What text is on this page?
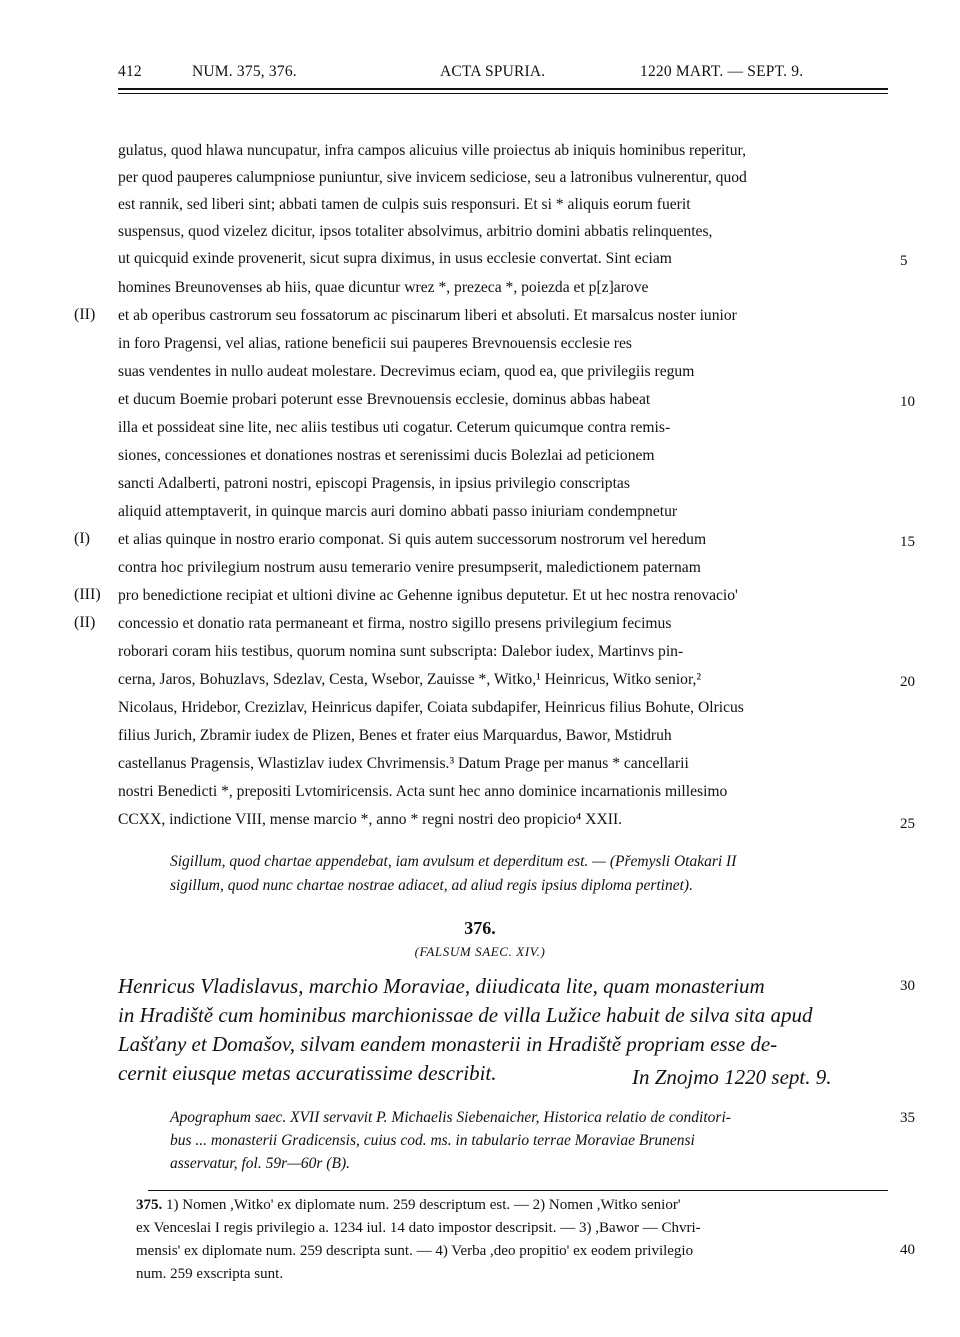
412	NUM. 375, 376.	ACTA SPURIA.	1220 MART. — SEPT. 9.
gulatus, quod hlawa nuncupatur, infra campos alicuius ville proiectus ab iniquis hominibus reperitur,
per quod pauperes calumpniose puniuntur, sive invicem sediciose, seu a latronibus vulnerentur, quod
est rannik, sed liberi sint; abbati tamen de culpis suis responsuri. Et si * aliquis eorum fuerit
suspensus, quod vizelez dicitur, ipsos totaliter absolvimus, arbitrio domini abbatis relinquentes,
ut quicquid exinde provenerit, sicut supra diximus, in usus ecclesie convertat. Sint eciam
homines Breunovenses ab hiis, quae dicuntur wrez *, prezeca *, poiezda et p[z]arove
et ab operibus castrorum seu fossatorum ac piscinarum liberi et absoluti. Et marsalcus noster iunior
in foro Pragensi, vel alias, ratione beneficii sui pauperes Brevnouensis ecclesie res
suas vendentes in nullo audeat molestare. Decrevimus eciam, quod ea, que privilegiis regum
et ducum Boemie probari poterunt esse Brevnouensis ecclesie, dominus abbas habeat
illa et possideat sine lite, nec aliis testibus uti cogatur. Ceterum quicumque contra remis-
siones, concessiones et donationes nostras et serenissimi ducis Bolezlai ad peticionem
sancti Adalberti, patroni nostri, episcopi Pragensis, in ipsius privilegio conscriptas
aliquid attemptaverit, in quinque marcis auri domino abbati passo iniuriam condempnetur
et alias quinque in nostro erario componat. Si quis autem successorum nostrorum vel heredum
contra hoc privilegium nostrum ausu temerario venire presumpserit, maledictionem paternam
pro benedictione recipiat et ultioni divine ac Gehenne ignibus deputetur. Et ut hec nostra renovacio'
concessio et donatio rata permaneant et firma, nostro sigillo presens privilegium fecimus
roborari coram hiis testibus, quorum nomina sunt subscripta: Dalebor iudex, Martinvs pin-
cerna, Jaros, Bohuzlavs, Sdezlav, Cesta, Wsebor, Zauisse *, Witko,¹ Heinricus, Witko senior,²
Nicolaus, Hridebor, Crezizlav, Heinricus dapifer, Coiata subdapifer, Heinricus filius Bohute, Olricus
filius Jurich, Zbramir iudex de Plizen, Benes et frater eius Marquardus, Bawor, Mstidruh
castellanus Pragensis, Wlastizlav iudex Chvrimensis.³ Datum Prage per manus * cancellarii
nostri Benedicti *, prepositi Lvtomiricensis. Acta sunt hec anno dominice incarnationis millesimo
CCXX, indictione VIII, mense marcio *, anno * regni nostri deo propicio⁴ XXII.
(II)
(I)
(III)
(II)
5
10
15
20
25
30
35
40
Sigillum, quod chartae appendebat, iam avulsum et deperditum est. — (Přemysli Otakari II
sigillum, quod nunc chartae nostrae adiacet, ad aliud regis ipsius diploma pertinet).
376.
(FALSUM SAEC. XIV.)
Henricus Vladislavus, marchio Moraviae, diiudicata lite, quam monasterium
in Hradiště cum hominibus marchionissae de villa Lužice habuit de silva sita apud
Lašťany et Domašov, silvam eandem monasterii in Hradiště propriam esse de-
cernit eiusque metas accuratissime describit.	In Znojmo 1220 sept. 9.
Apographum saec. XVII servavit P. Michaelis Siebenaicher, Historica relatio de conditori-
bus ... monasterii Gradicensis, cuius cod. ms. in tabulario terrae Moraviae Brunensi
asservatur, fol. 59r—60r (B).
375. 1) Nomen ,Witko' ex diplomate num. 259 descriptum est. — 2) Nomen ,Witko senior'
ex Venceslai I regis privilegio a. 1234 iul. 14 dato impostor descripsit. — 3) ,Bawor — Chvri-
mensis' ex diplomate num. 259 descripta sunt. — 4) Verba ,deo propitio' ex eodem privilegio
num. 259 exscripta sunt.
